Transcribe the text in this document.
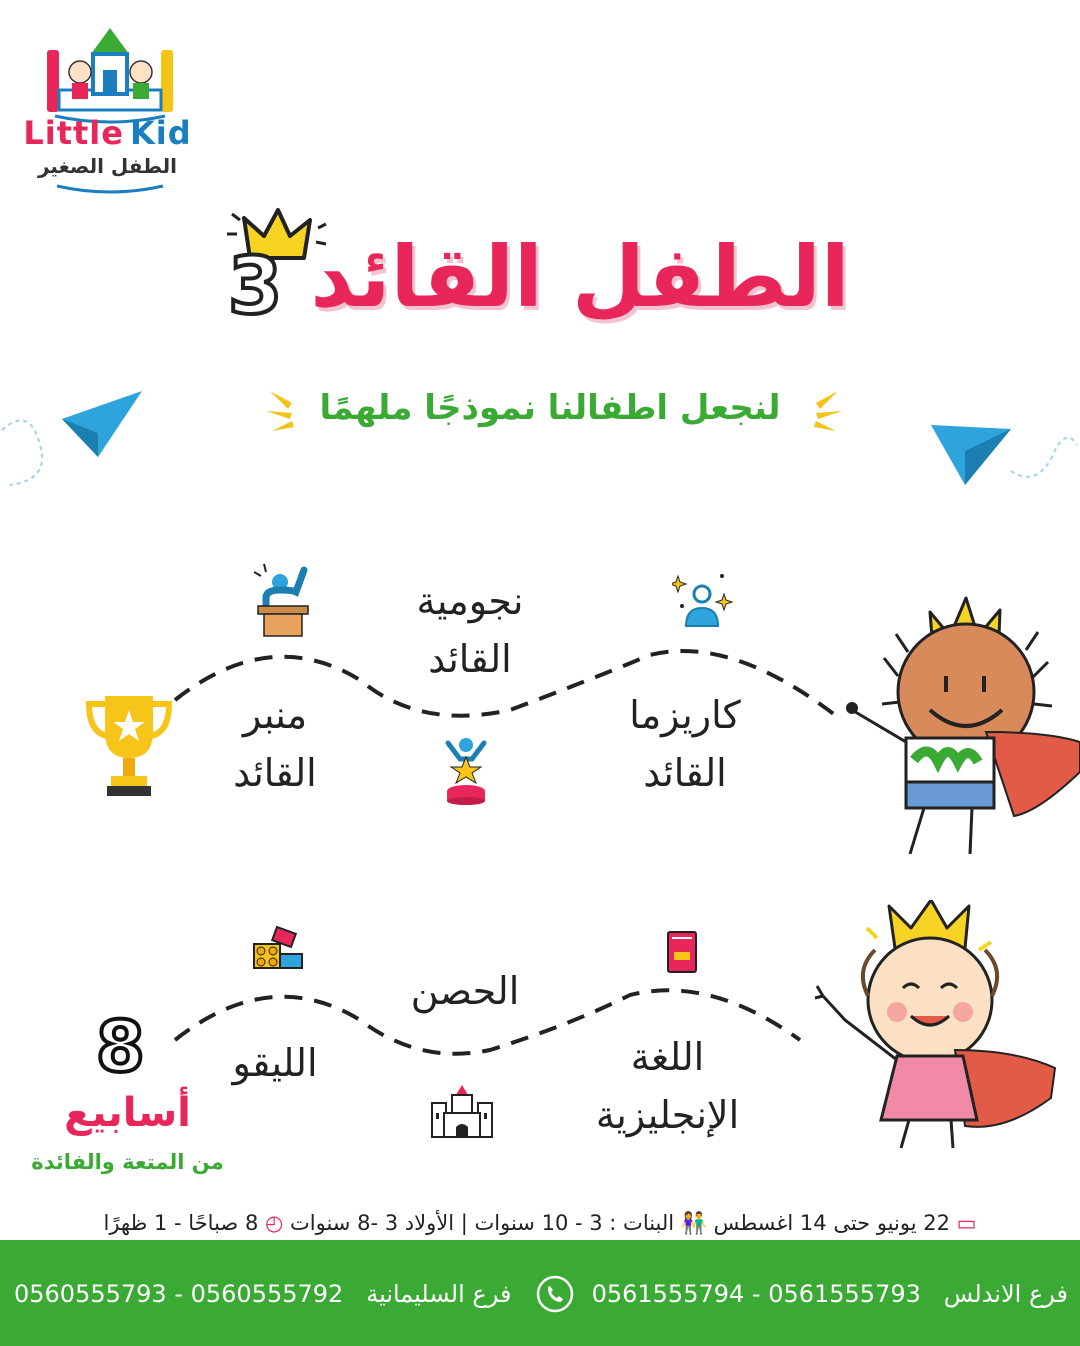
Little Kid
الطفل الصغير
3 الطفل القائد
لنجعل اطفالنا نموذجًا ملهمًا
منبر
القائد
نجومية
القائد
كاريزما
القائد
8
أسابيع
من المتعة والفائدة
الليقو
الحصن
اللغة
الإنجليزية
▭ 22 يونيو حتى 14 اغسطس 👫 البنات : 3 - 10 سنوات | الأولاد 3 -8 سنوات ◴ 8 صباحًا - 1 ظهرًا
فرع الاندلس   0561555794 - 0561555793
فرع السليمانية   0560555793 - 0560555792
